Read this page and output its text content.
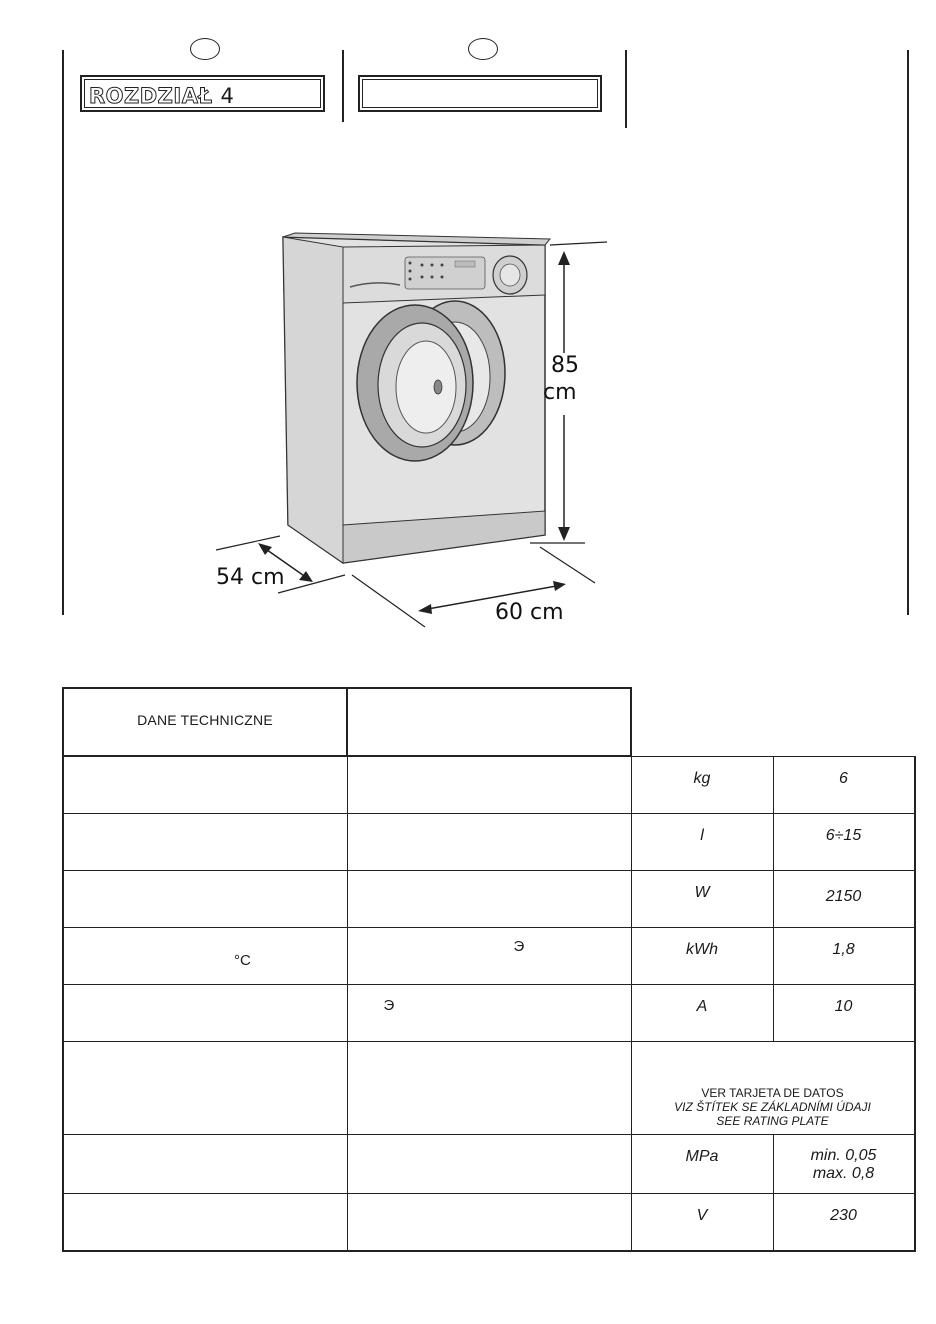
ROZDZIAŁ 4
85
cm
54 cm
60 cm
DANE TECHNICZNE			

		kg	6

		l	6÷15

		W	2150

°C	Э	kWh	1,8

	Э	A	10

		VER TARJETA DE DATOS
VIZ ŠTÍTEK SE ZÁKLADNÍMI ÚDAJI
SEE RATING PLATE	

		MPa	min. 0,05
max. 0,8

		V	230
